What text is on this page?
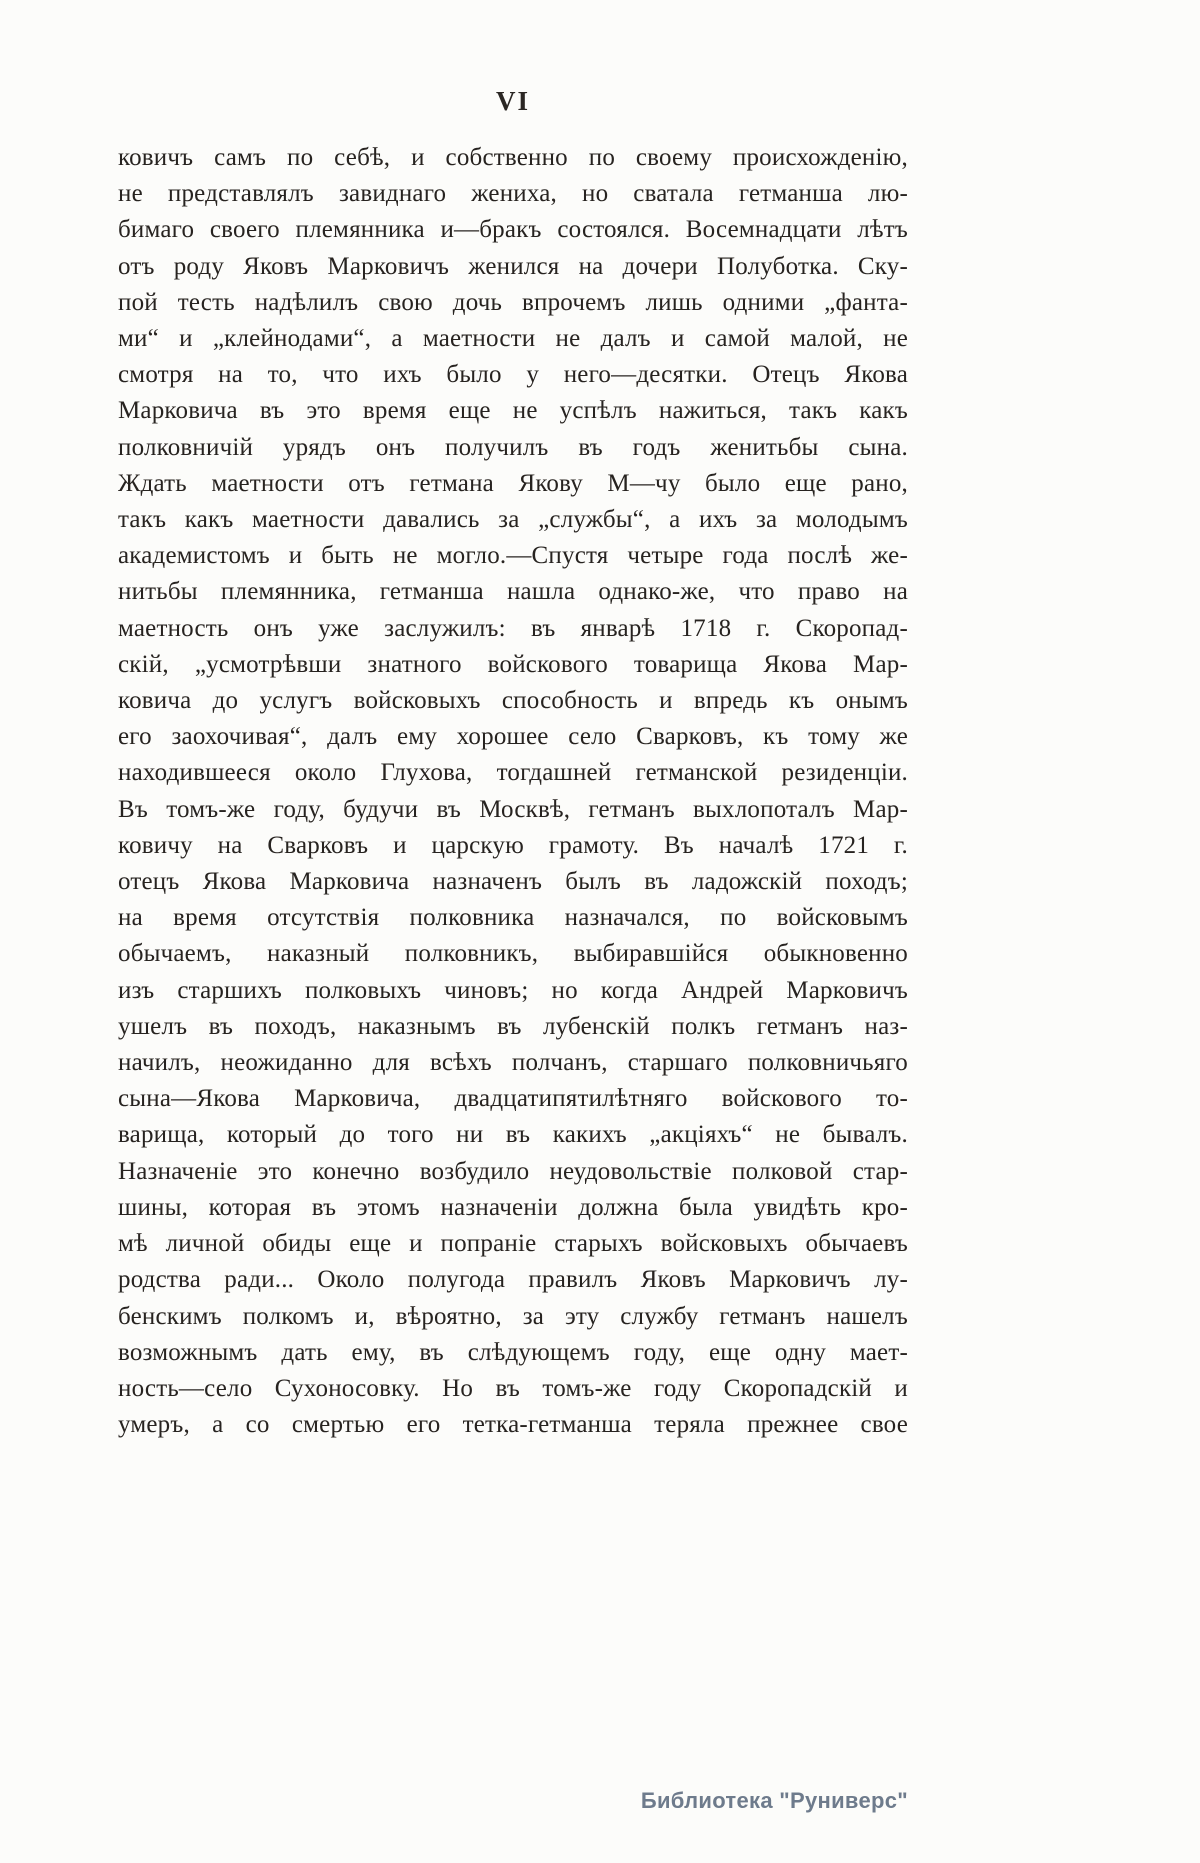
VI
ковичъ самъ по себѣ, и собственно по своему происхожденію,
не представлялъ завиднаго жениха, но сватала гетманша лю-
бимаго своего племянника и—бракъ состоялся. Восемнадцати лѣтъ
отъ роду Яковъ Марковичъ женился на дочери Полуботка. Ску-
пой тесть надѣлилъ свою дочь впрочемъ лишь одними „фанта-
ми“ и „клейнодами“, а маетности не далъ и самой малой, не
смотря на то, что ихъ было у него—десятки. Отецъ Якова
Марковича въ это время еще не успѣлъ нажиться, такъ какъ
полковничій урядъ онъ получилъ въ годъ женитьбы сына.
Ждать маетности отъ гетмана Якову М—чу было еще рано,
такъ какъ маетности давались за „службы“, а ихъ за молодымъ
академистомъ и быть не могло.—Спустя четыре года послѣ же-
нитьбы племянника, гетманша нашла однако-же, что право на
маетность онъ уже заслужилъ: въ январѣ 1718 г. Скоропад-
скій, „усмотрѣвши знатного войскового товарища Якова Мар-
ковича до услугъ войсковыхъ способность и впредь къ онымъ
его заохочивая“, далъ ему хорошее село Сварковъ, къ тому же
находившееся около Глухова, тогдашней гетманской резиденціи.
Въ томъ-же году, будучи въ Москвѣ, гетманъ выхлопоталъ Мар-
ковичу на Сварковъ и царскую грамоту. Въ началѣ 1721 г.
отецъ Якова Марковича назначенъ былъ въ ладожскій походъ;
на время отсутствія полковника назначался, по войсковымъ
обычаемъ, наказный полковникъ, выбиравшійся обыкновенно
изъ старшихъ полковыхъ чиновъ; но когда Андрей Марковичъ
ушелъ въ походъ, наказнымъ въ лубенскій полкъ гетманъ наз-
начилъ, неожиданно для всѣхъ полчанъ, старшаго полковничьяго
сына—Якова Марковича, двадцатипятилѣтняго войскового то-
варища, который до того ни въ какихъ „акціяхъ“ не бывалъ.
Назначеніе это конечно возбудило неудовольствіе полковой стар-
шины, которая въ этомъ назначеніи должна была увидѣть кро-
мѣ личной обиды еще и попраніе старыхъ войсковыхъ обычаевъ
родства ради... Около полугода правилъ Яковъ Марковичъ лу-
бенскимъ полкомъ и, вѣроятно, за эту службу гетманъ нашелъ
возможнымъ дать ему, въ слѣдующемъ году, еще одну мает-
ность—село Сухоносовку. Но въ томъ-же году Скоропадскій и
умеръ, а со смертью его тетка-гетманша теряла прежнее свое
Библиотека "Руниверс"
